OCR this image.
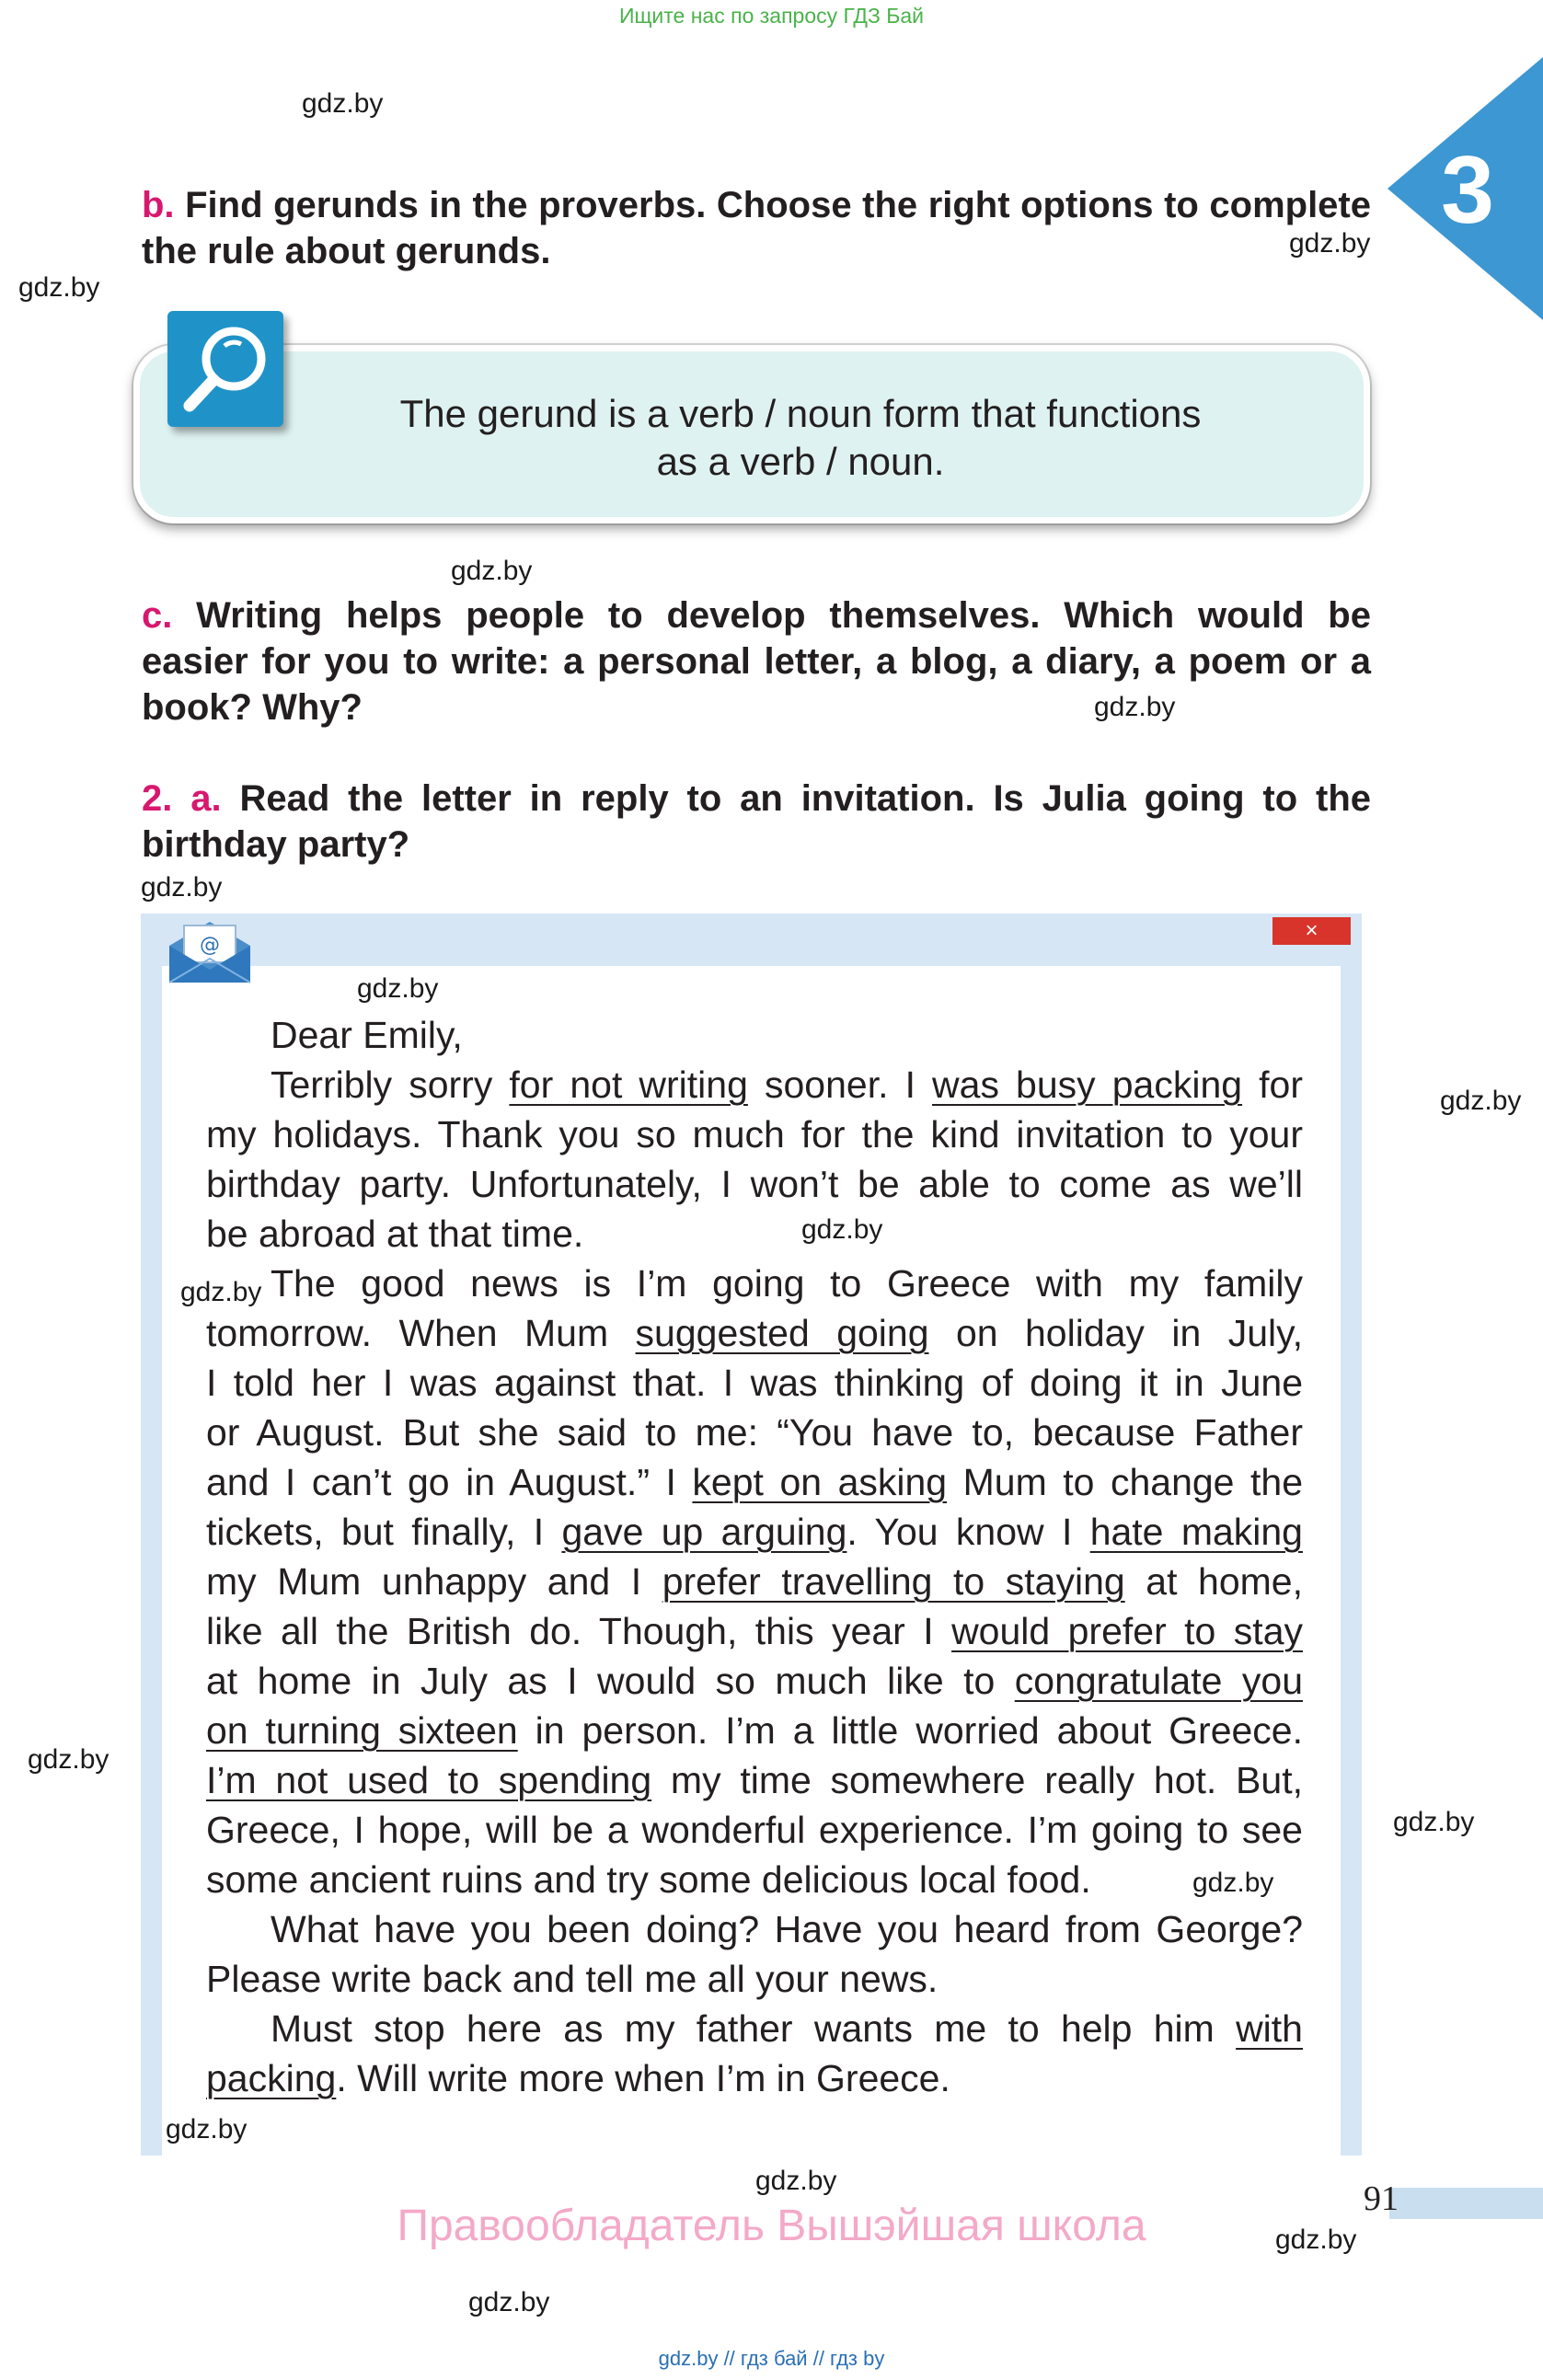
Ищите нас по запросу ГДЗ Бай
3
gdz.by
gdz.by
gdz.by
gdz.by
gdz.by
gdz.by
gdz.by
gdz.by
gdz.by
gdz.by
gdz.by
gdz.by
b. Find gerunds in the proverbs. Choose the right options to complete
the rule about gerunds.
The gerund is a verb / noun form that functions
as a verb / noun.
c. Writing helps people to develop themselves. Which would be
easier for you to write: a personal letter, a blog, a diary, a poem or a
book? Why?
2. a. Read the letter in reply to an invitation. Is Julia going to the
birthday party?
×
@
Dear Emily,
Terribly sorry for not writing sooner. I was busy packing for
my holidays. Thank you so much for the kind invitation to your
birthday party. Unfortunately, I won’t be able to come as we’ll
be abroad at that time.
The good news is I’m going to Greece with my family
tomorrow. When Mum suggested going on holiday in July,
I told her I was against that. I was thinking of doing it in June
or August. But she said to me: “You have to, because Father
and I can’t go in August.” I kept on asking Mum to change the
tickets, but finally, I gave up arguing. You know I hate making
my Mum unhappy and I prefer travelling to staying at home,
like all the British do. Though, this year I would prefer to stay
at home in July as I would so much like to congratulate you
on turning sixteen in person. I’m a little worried about Greece.
I’m not used to spending my time somewhere really hot. But,
Greece, I hope, will be a wonderful experience. I’m going to see
some ancient ruins and try some delicious local food.
What have you been doing? Have you heard from George?
Please write back and tell me all your news.
Must stop here as my father wants me to help him with
packing. Will write more when I’m in Greece.
gdz.by
gdz.by
gdz.by
gdz.by
gdz.by
91
Правообладатель Вышэйшая школа
gdz.by // гдз бай // гдз by
